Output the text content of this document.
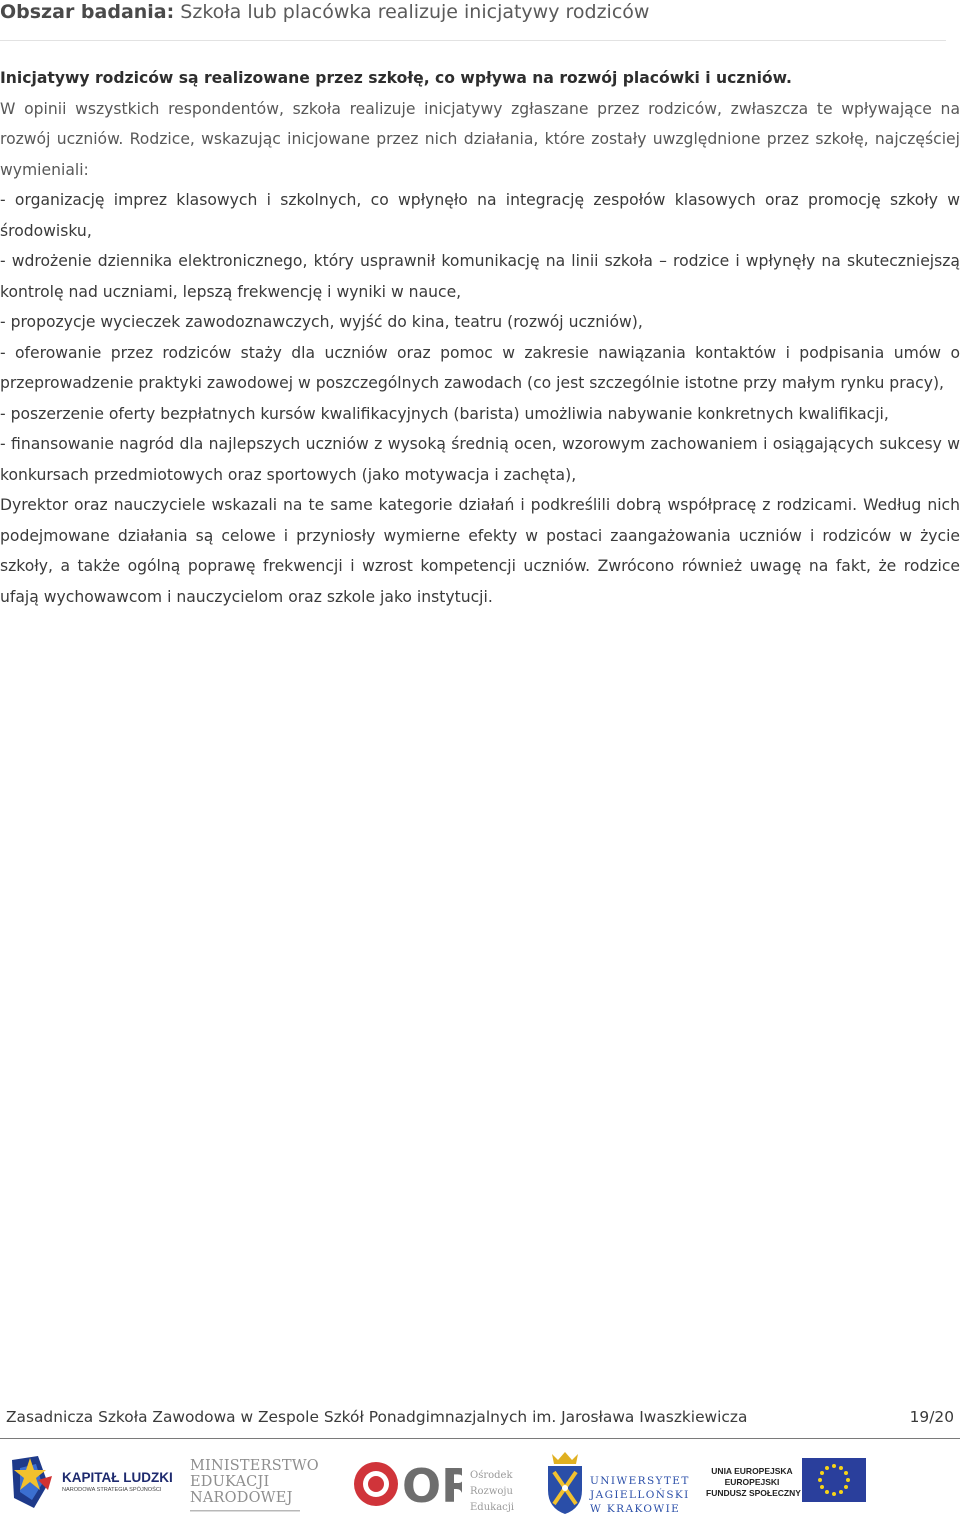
Obszar badania: Szkoła lub placówka realizuje inicjatywy rodziców

Inicjatywy rodziców są realizowane przez szkołę, co wpływa na rozwój placówki i uczniów.

W opinii wszystkich respondentów, szkoła realizuje inicjatywy zgłaszane przez rodziców, zwłaszcza te wpływające na rozwój uczniów. Rodzice, wskazując inicjowane przez nich działania, które zostały uwzględnione przez szkołę, najczęściej wymieniali:

- organizację imprez klasowych i szkolnych, co wpłynęło na integrację zespołów klasowych oraz promocję szkoły w środowisku,

- wdrożenie dziennika elektronicznego, który usprawnił komunikację na linii szkoła – rodzice i wpłynęły na skuteczniejszą kontrolę nad uczniami, lepszą frekwencję i wyniki w nauce,

- propozycje wycieczek zawodoznawczych, wyjść do kina, teatru (rozwój uczniów),

- oferowanie przez rodziców staży dla uczniów oraz pomoc w zakresie nawiązania kontaktów i podpisania umów o przeprowadzenie praktyki zawodowej w poszczególnych zawodach (co jest szczególnie istotne przy małym rynku pracy),

- poszerzenie oferty bezpłatnych kursów kwalifikacyjnych (barista) umożliwia nabywanie konkretnych kwalifikacji,

- finansowanie nagród dla najlepszych uczniów z wysoką średnią ocen, wzorowym zachowaniem i osiągających sukcesy w konkursach przedmiotowych oraz sportowych (jako motywacja i zachęta),

Dyrektor oraz nauczyciele wskazali na te same kategorie działań i podkreślili dobrą współpracę z rodzicami. Według nich podejmowane działania są celowe i przyniosły wymierne efekty w postaci zaangażowania uczniów i rodziców w życie szkoły, a także ogólną poprawę frekwencji i wzrost kompetencji uczniów. Zwrócono również uwagę na fakt, że rodzice ufają wychowawcom i nauczycielom oraz szkole jako instytucji.

Zasadnicza Szkoła Zawodowa w Zespole Szkół Ponadgimnazjalnych im. Jarosława Iwaszkiewicza	19/20
KAPITAŁ LUDZKI
NARODOWA STRATEGIA SPÓJNOŚCI
MINISTERSTWO
EDUKACJI
NARODOWEJ	OR
Ośrodek
Rozwoju
Edukacji
UNIWERSYTET
JAGIELLOŃSKI
W KRAKOWIE
UNIA EUROPEJSKA
EUROPEJSKI
FUNDUSZ SPOŁECZNY
